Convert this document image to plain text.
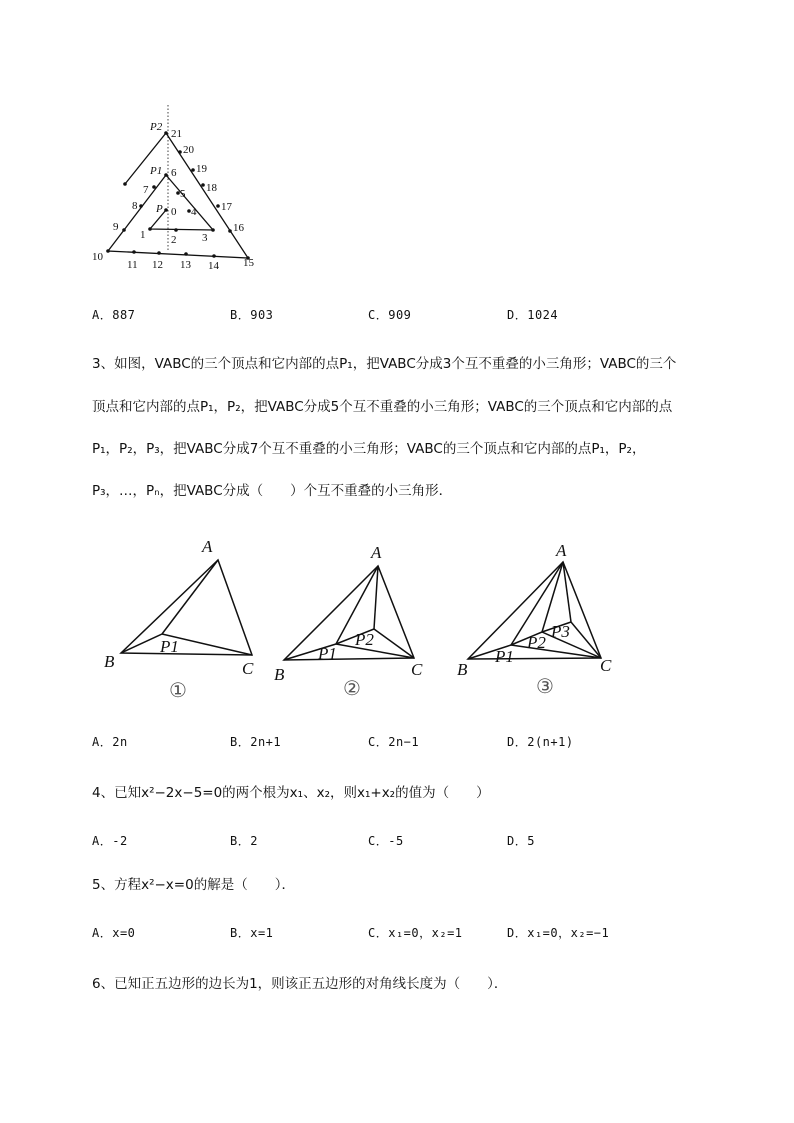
P2
P1
P 0
1 2 3
4
5
6
7
8
9
10
11 12 13 14 15
16
17
18
19
20
21
A．887	B．903	C．909	D．1024
3、如图，VABC的三个顶点和它内部的点P₁，把VABC分成3个互不重叠的小三角形；VABC的三个
顶点和它内部的点P₁，P₂，把VABC分成5个互不重叠的小三角形；VABC的三个顶点和它内部的点
P₁，P₂，P₃，把VABC分成7个互不重叠的小三角形；VABC的三个顶点和它内部的点P₁，P₂，
P₃，…，Pₙ，把VABC分成（　　）个互不重叠的小三角形．
A
B	C
P1
A
B	C
P1
P2
A
B	C
P1
P2
P3
①	②	③
A．2n	B．2n+1	C．2n−1	D．2(n+1)
4、已知x²−2x−5=0的两个根为x₁、x₂，则x₁+x₂的值为（　　）
A．-2	B．2	C．-5	D．5
5、方程x²−x=0的解是（　　）．
A．x=0	B．x=1	C．x₁=0，x₂=1	D．x₁=0，x₂=−1
6、已知正五边形的边长为1，则该正五边形的对角线长度为（　　）．
